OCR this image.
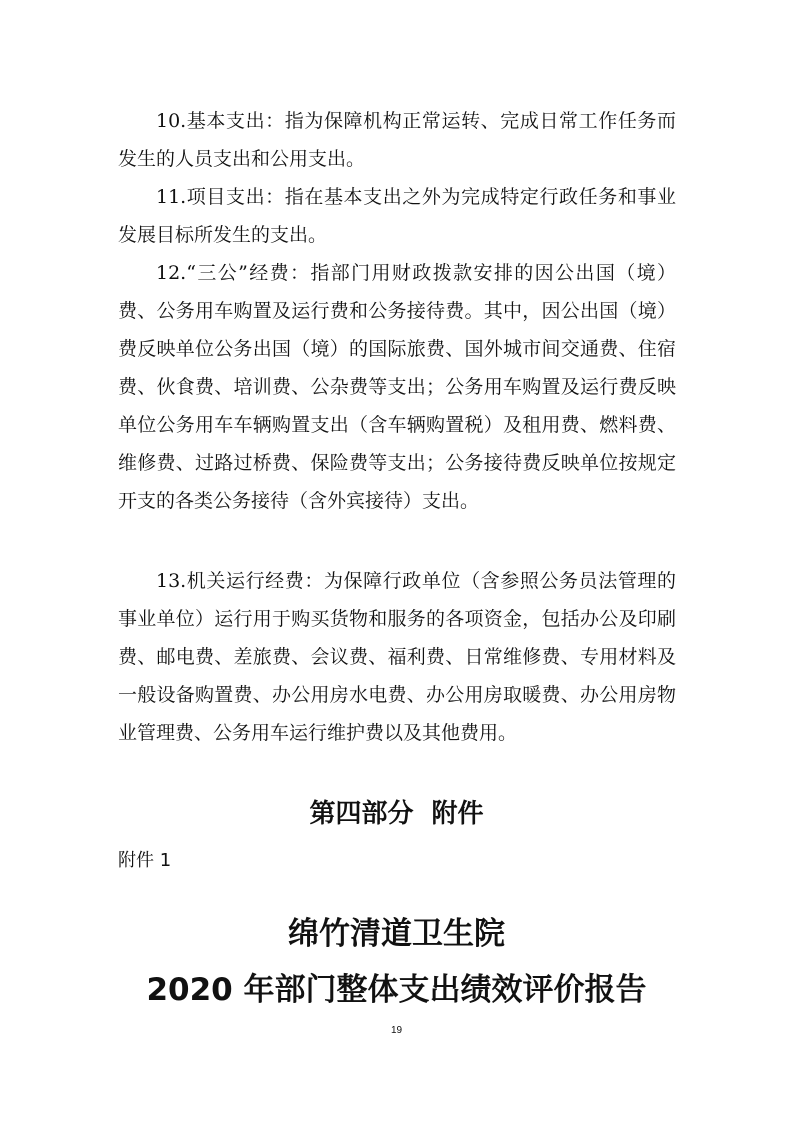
10.基本支出：指为保障机构正常运转、完成日常工作任务而发生的人员支出和公用支出。

11.项目支出：指在基本支出之外为完成特定行政任务和事业发展目标所发生的支出。

12.“三公”经费：指部门用财政拨款安排的因公出国（境）费、公务用车购置及运行费和公务接待费。其中，因公出国（境）费反映单位公务出国（境）的国际旅费、国外城市间交通费、住宿费、伙食费、培训费、公杂费等支出；公务用车购置及运行费反映单位公务用车车辆购置支出（含车辆购置税）及租用费、燃料费、维修费、过路过桥费、保险费等支出；公务接待费反映单位按规定开支的各类公务接待（含外宾接待）支出。

13.机关运行经费：为保障行政单位（含参照公务员法管理的事业单位）运行用于购买货物和服务的各项资金，包括办公及印刷费、邮电费、差旅费、会议费、福利费、日常维修费、专用材料及一般设备购置费、办公用房水电费、办公用房取暖费、办公用房物业管理费、公务用车运行维护费以及其他费用。

第四部分  附件

附件 1

绵竹清道卫生院
2020 年部门整体支出绩效评价报告
19
